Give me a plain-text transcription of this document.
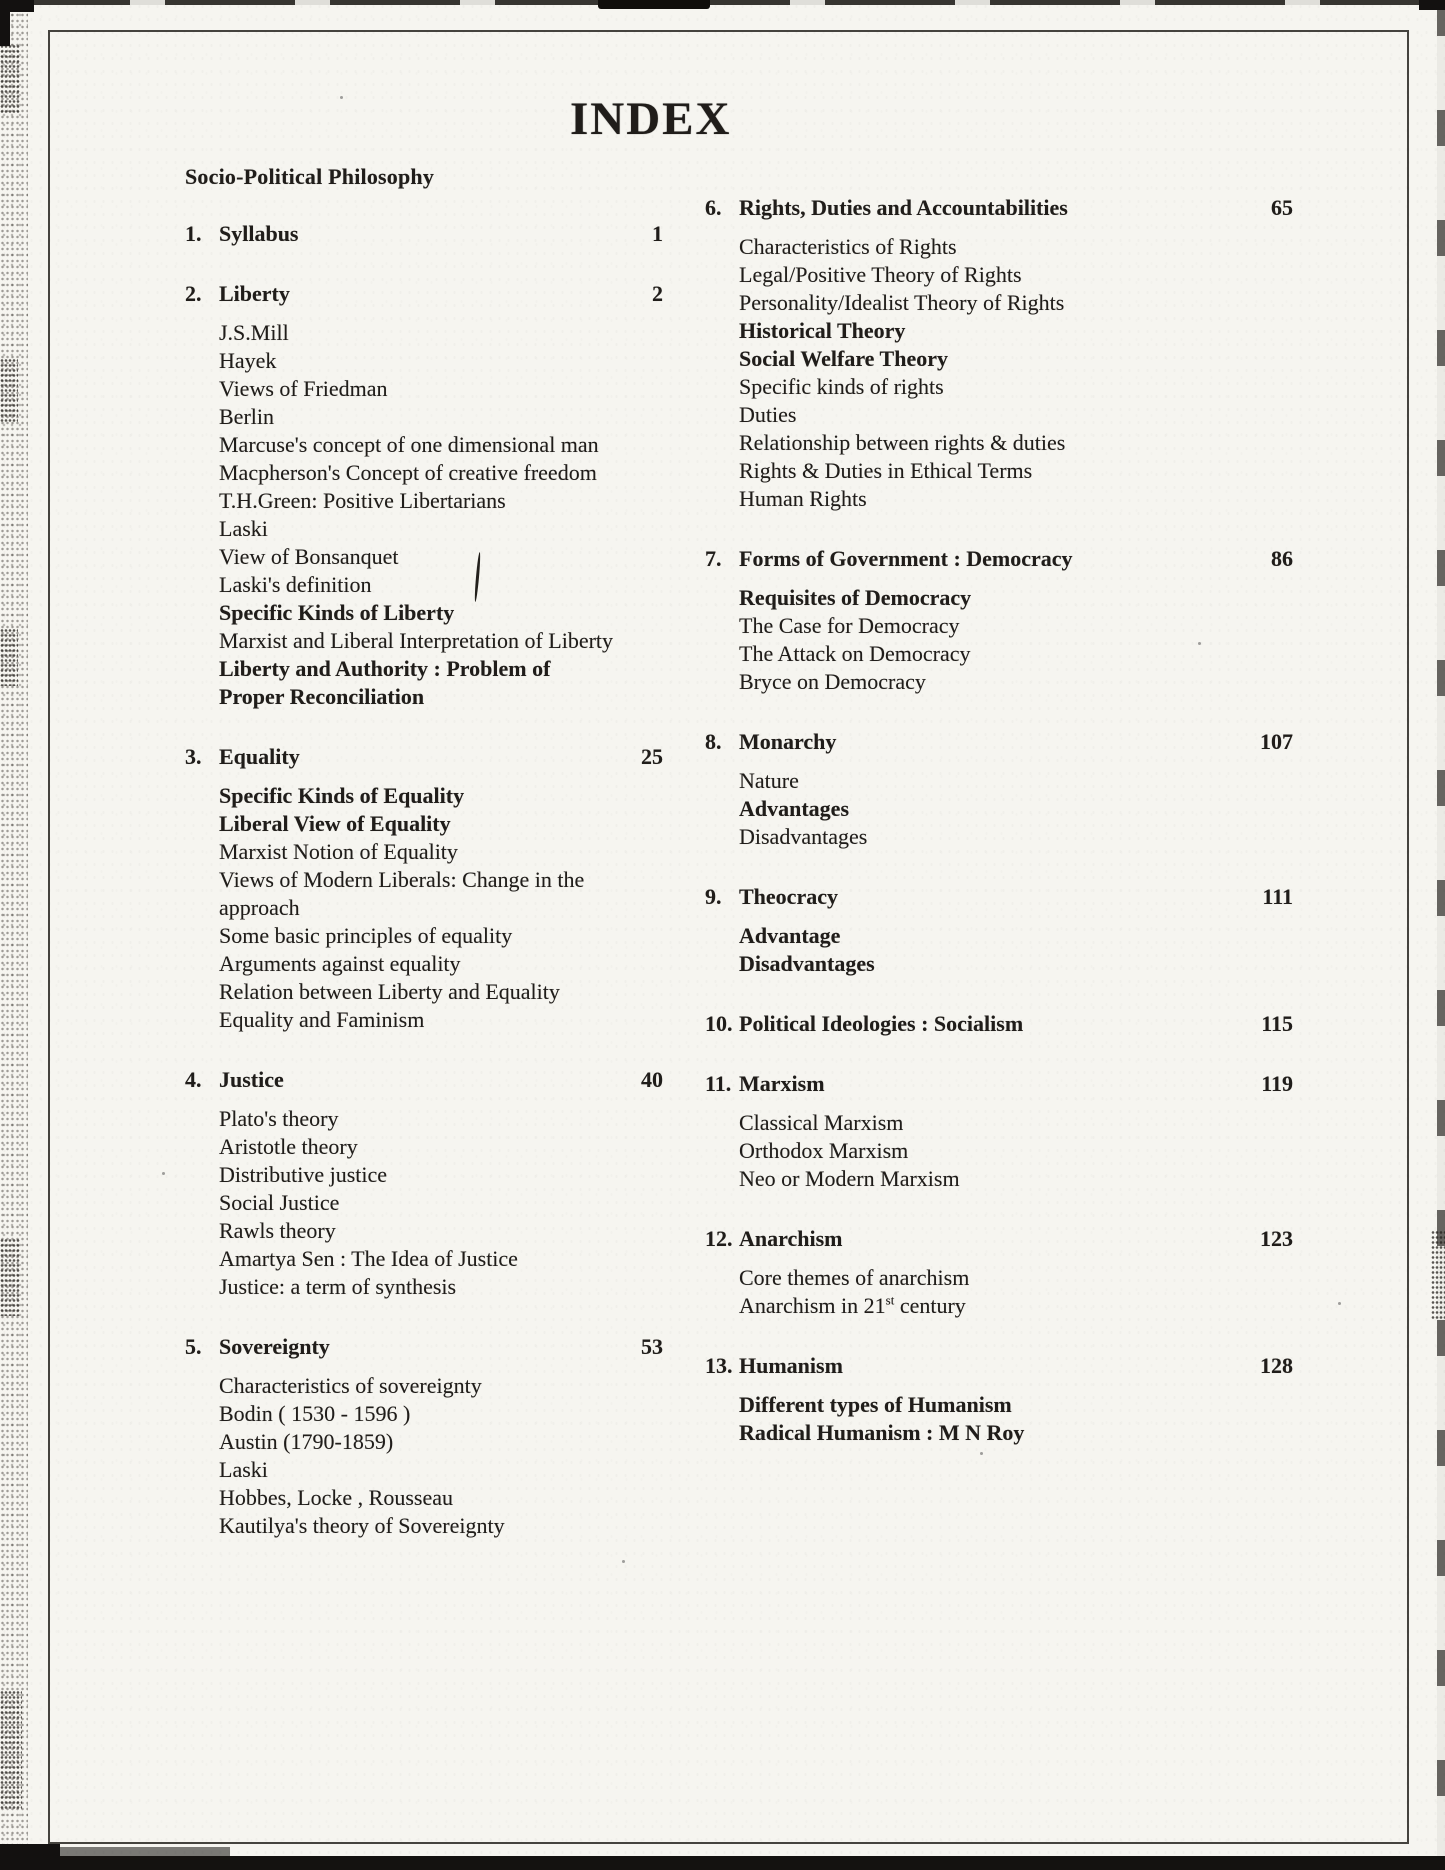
INDEX
Socio-Political Philosophy
1. Syllabus	1
2. Liberty	2
J.S.Mill
Hayek
Views of Friedman
Berlin
Marcuse's concept of one dimensional man
Macpherson's Concept of creative freedom
T.H.Green: Positive Libertarians
Laski
View of Bonsanquet
Laski's definition
Specific Kinds of Liberty
Marxist and Liberal Interpretation of Liberty
Liberty and Authority : Problem of
Proper Reconciliation
3. Equality	25
Specific Kinds of Equality
Liberal View of Equality
Marxist Notion of Equality
Views of Modern Liberals: Change in the
approach
Some basic principles of equality
Arguments against equality
Relation between Liberty and Equality
Equality and Faminism
4. Justice	40
Plato's theory
Aristotle theory
Distributive justice
Social Justice
Rawls theory
Amartya Sen : The Idea of Justice
Justice: a term of synthesis
5. Sovereignty	53
Characteristics of sovereignty
Bodin ( 1530 - 1596 )
Austin (1790-1859)
Laski
Hobbes, Locke , Rousseau
Kautilya's theory of Sovereignty
6. Rights, Duties and Accountabilities	65
Characteristics of Rights
Legal/Positive Theory of Rights
Personality/Idealist Theory of Rights
Historical Theory
Social Welfare Theory
Specific kinds of rights
Duties
Relationship between rights & duties
Rights & Duties in Ethical Terms
Human Rights
7. Forms of Government : Democracy	86
Requisites of Democracy
The Case for Democracy
The Attack on Democracy
Bryce on Democracy
8. Monarchy	107
Nature
Advantages
Disadvantages
9. Theocracy	111
Advantage
Disadvantages
10. Political Ideologies : Socialism	115
11. Marxism	119
Classical Marxism
Orthodox Marxism
Neo or Modern Marxism
12. Anarchism	123
Core themes of anarchism
Anarchism in 21st century
13. Humanism	128
Different types of Humanism
Radical Humanism : M N Roy
